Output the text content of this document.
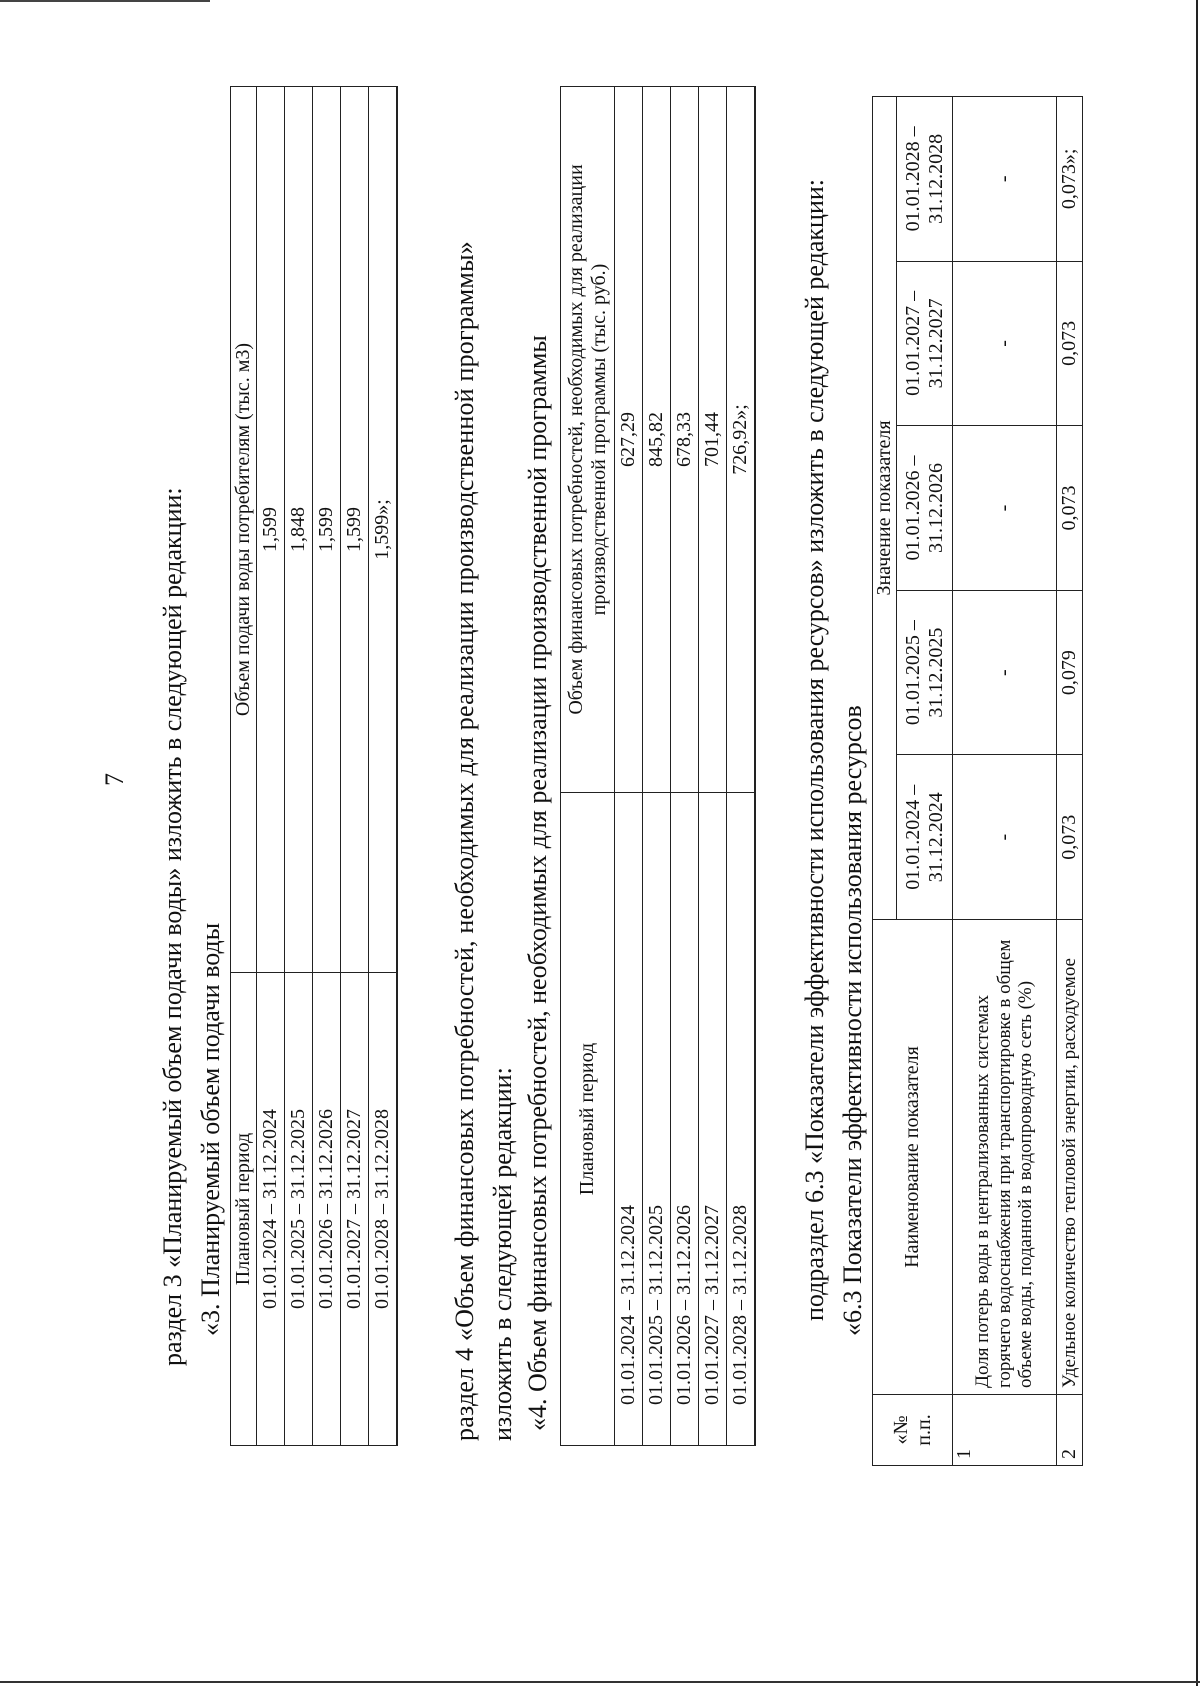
7 раздел 3 «Планируемый объем подачи воды» изложить в следующей редакции: «3. Планируемый объем подачи воды Плановый период	Объем подачи воды потребителям (тыс. м3)
01.01.2024 – 31.12.2024	1,599
01.01.2025 – 31.12.2025	1,848
01.01.2026 – 31.12.2026	1,599
01.01.2027 – 31.12.2027	1,599
01.01.2028 – 31.12.2028	1,599»; раздел 4 «Объем финансовых потребностей, необходимых для реализации производственной программы» изложить в следующей редакции: «4. Объем финансовых потребностей, необходимых для реализации производственной программы Плановый период	Объем финансовых потребностей, необходимых для реализации производственной программы (тыс. руб.)
01.01.2024 – 31.12.2024	627,29
01.01.2025 – 31.12.2025	845,82
01.01.2026 – 31.12.2026	678,33
01.01.2027 – 31.12.2027	701,44
01.01.2028 – 31.12.2028	726,92»; подраздел 6.3 «Показатели эффективности использования ресурсов» изложить в следующей редакции: «6.3 Показатели эффективности использования ресурсов
«№ п.п.	Наименование показателя	Значение показателя				
		01.01.2024 – 31.12.2024	01.01.2025 – 31.12.2025	01.01.2026 – 31.12.2026	01.01.2027 – 31.12.2027	01.01.2028 – 31.12.2028
1	Доля потерь воды в централизованных системах горячего водоснабжения при транспортировке в общем объеме воды, поданной в водопроводную сеть (%)	-	-	-	-	-
2	Удельное количество тепловой энергии, расходуемое	0,073	0,079	0,073	0,073	0,073»;
